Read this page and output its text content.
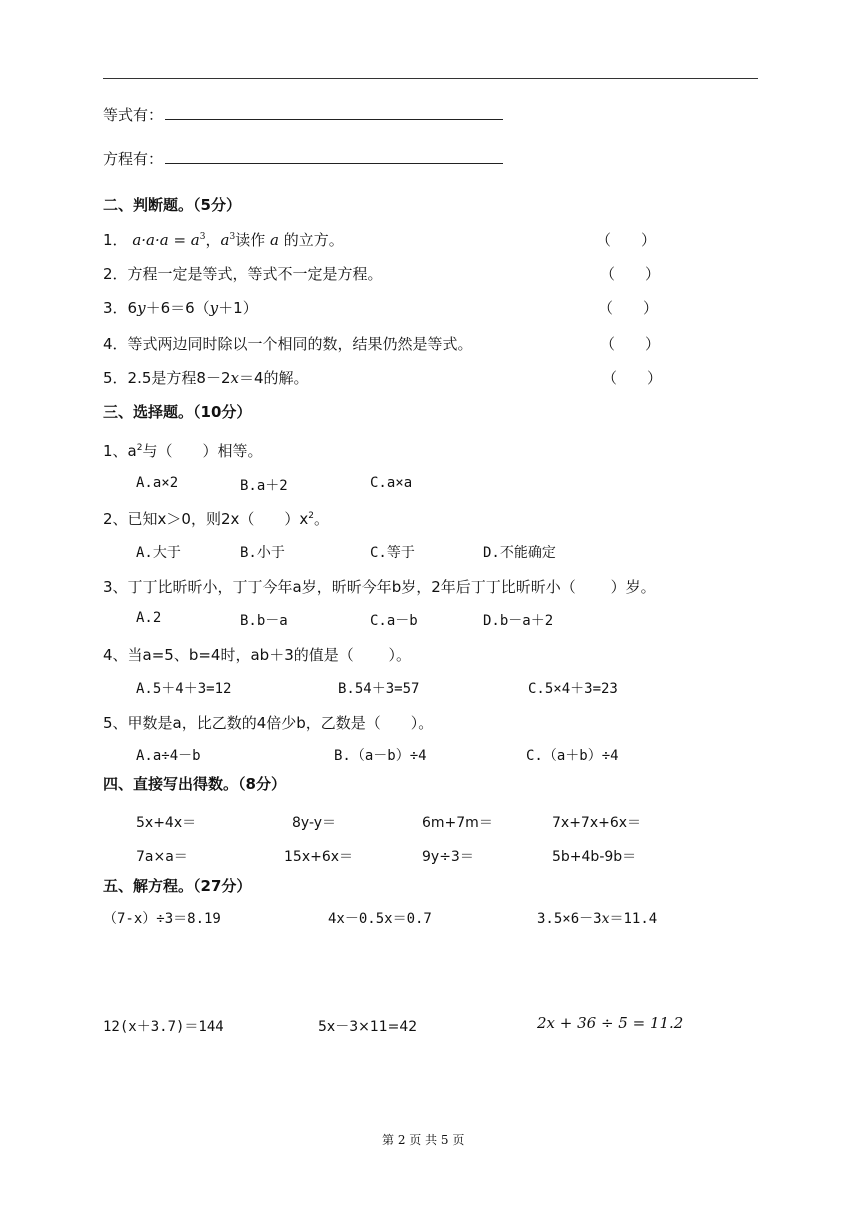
等式有：
方程有：
二、判断题。（5分）
1． $a\cdot a\cdot a = a^3$，$a^3$读作 a 的立方。	（　　）
2．方程一定是等式，等式不一定是方程。	（　　）
3．6y＋6＝6（y＋1）	（　　）
4．等式两边同时除以一个相同的数，结果仍然是等式。	（　　）
5．2.5是方程8－2x＝4的解。	（　　）
三、选择题。（10分）
1、$a^2$与（　　）相等。
A.a×2	B.a＋2	C.a×a
2、已知x＞0，则2x（　　）$x^2$。
A.大于	B.小于	C.等于	D.不能确定
3、丁丁比昕昕小，丁丁今年a岁，昕昕今年b岁，2年后丁丁比昕昕小（　　 ）岁。
A.2	B.b－a	C.a－b	D.b－a＋2
4、当a=5、b=4时，ab＋3的值是（　　 ）。
A.5＋4＋3=12	B.54＋3=57	C.5×4＋3=23
5、甲数是a，比乙数的4倍少b，乙数是（　　）。
A.a÷4－b	B.（a－b）÷4	C.（a＋b）÷4
四、直接写出得数。（8分）
5x+4x＝	8y-y＝	6m+7m＝	7x+7x+6x＝
7a×a＝	15x+6x＝	9y÷3＝	5b+4b-9b＝
五、解方程。（27分）
（7-x）÷3＝8.19	4x－0.5x＝0.7	3.5×6－3x＝11.4
12(x＋3.7)＝144	5x－3×11=42	2x + 36 ÷ 5 = 11.2
第 2 页 共 5 页
